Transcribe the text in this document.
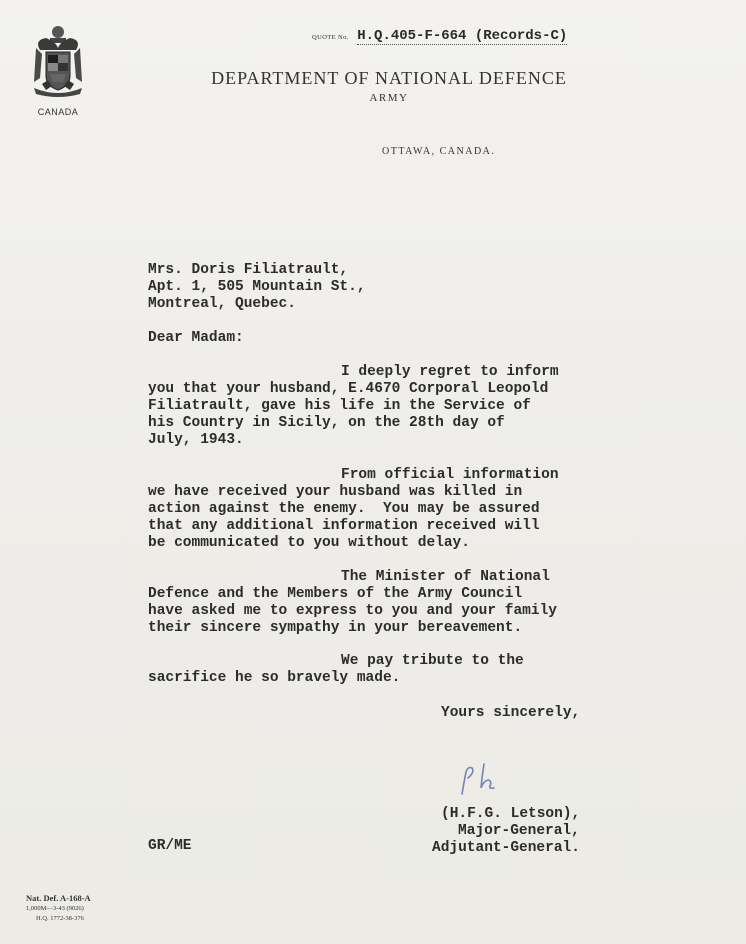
CANADA
QUOTE No. H.Q.405-F-664 (Records-C)
DEPARTMENT OF NATIONAL DEFENCE
ARMY
OTTAWA, CANADA.
Mrs. Doris Filiatrault,
Apt. 1, 505 Mountain St.,
Montreal, Quebec.
Dear Madam:
I deeply regret to inform
you that your husband, E.4670 Corporal Leopold
Filiatrault, gave his life in the Service of
his Country in Sicily, on the 28th day of
July, 1943.
From official information
we have received your husband was killed in
action against the enemy.  You may be assured
that any additional information received will
be communicated to you without delay.
The Minister of National
Defence and the Members of the Army Council
have asked me to express to you and your family
their sincere sympathy in your bereavement.
We pay tribute to the
sacrifice he so bravely made.
Yours sincerely,
(H.F.G. Letson),
Major-General,
Adjutant-General.
GR/ME
Nat. Def. A-168-A
1,000M—3-43 (9026)
H.Q. 1772-38-376
